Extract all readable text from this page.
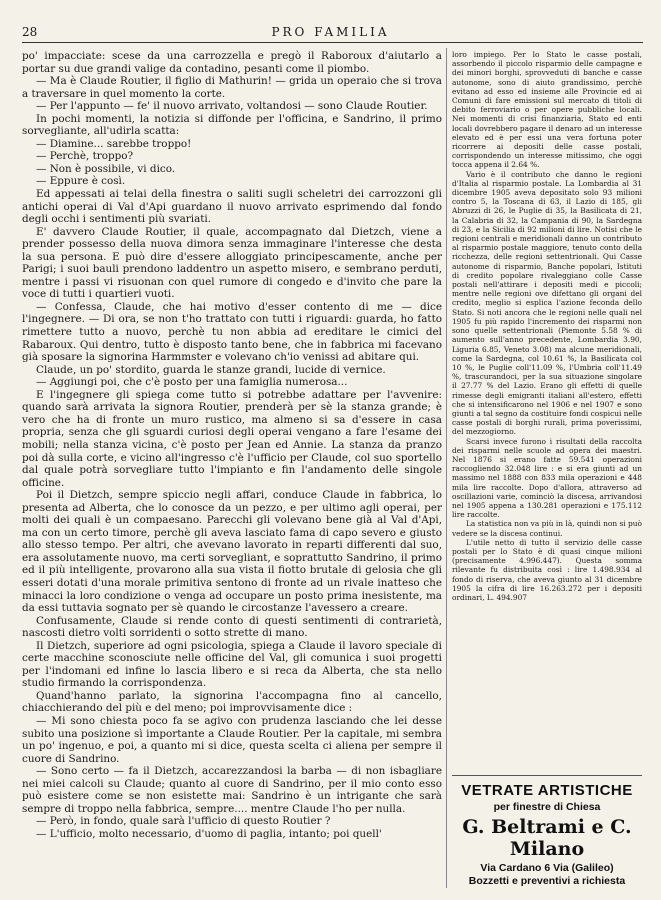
28	PRO FAMILIA

po' impacciate: scese da una carrozzella e pregò il Raboroux d'aiutarlo a portar su due grandi valige da contadino, pesanti come il piombo.

— Ma è Claude Routier, il figlio di Mathurin! — grida un operaio che si trova a traversare in quel momento la corte.

— Per l'appunto — fe' il nuovo arrivato, voltandosi — sono Claude Routier.

In pochi momenti, la notizia si diffonde per l'officina, e Sandrino, il primo sorvegliante, all'udirla scatta:

— Diamine... sarebbe troppo!

— Perchè, troppo?

— Non è possibile, vi dico.

— Eppure è così.

Ed appessati ai telai della finestra o saliti sugli scheletri dei carrozzoni gli antichi operai di Val d'Api guardano il nuovo arrivato esprimendo dal fondo degli occhi i sentimenti più svariati.

E' davvero Claude Routier, il quale, accompagnato dal Dietzch, viene a prender possesso della nuova dimora senza immaginare l'interesse che desta la sua persona. E può dire d'essere alloggiato principescamente, anche per Parigi; i suoi bauli prendono laddentro un aspetto misero, e sembrano perduti, mentre i passi vi risuonan con quel rumore di congedo e d'invito che pare la voce di tutti i quartieri vuoti.

— Confessa, Claude, che hai motivo d'esser contento di me — dice l'ingegnere. — Di ora, se non t'ho trattato con tutti i riguardi: guarda, ho fatto rimettere tutto a nuovo, perchè tu non abbia ad ereditare le cimici del Rabaroux. Qui dentro, tutto è disposto tanto bene, che in fabbrica mi facevano già sposare la signorina Harmmster e volevano ch'io venissi ad abitare qui.

Claude, un po' stordito, guarda le stanze grandi, lucide di vernice.

— Aggiungi poi, che c'è posto per una famiglia numerosa...

E l'ingegnere gli spiega come tutto si potrebbe adattare per l'avvenire: quando sarà arrivata la signora Routier, prenderà per sè la stanza grande; è vero che ha di fronte un muro rustico, ma almeno si sa d'essere in casa propria, senza che gli sguardi curiosi degli operai vengano a fare l'esame dei mobili; nella stanza vicina, c'è posto per Jean ed Annie. La stanza da pranzo poi dà sulla corte, e vicino all'ingresso c'è l'ufficio per Claude, col suo sportello dal quale potrà sorvegliare tutto l'impianto e fin l'andamento delle singole officine.

Poi il Dietzch, sempre spiccio negli affari, conduce Claude in fabbrica, lo presenta ad Alberta, che lo conosce da un pezzo, e per ultimo agli operai, per molti dei quali è un compaesano. Parecchi gli volevano bene già al Val d'Api, ma con un certo timore, perchè gli aveva lasciato fama di capo severo e giusto allo stesso tempo. Per altri, che avevano lavorato in reparti differenti dal suo, era assolutamente nuovo, ma certi sorvegliant, e soprattutto Sandrino, il primo ed il più intelligente, provarono alla sua vista il fiotto brutale di gelosia che gli esseri dotati d'una morale primitiva sentono di fronte ad un rivale inatteso che minacci la loro condizione o venga ad occupare un posto prima inesistente, ma da essi tuttavia sognato per sè quando le circostanze l'avessero a creare.

Confusamente, Claude si rende conto di questi sentimenti di contrarietà, nascosti dietro volti sorridenti o sotto strette di mano.

Il Dietzch, superiore ad ogni psicologia, spiega a Claude il lavoro speciale di certe macchine sconosciute nelle officine del Val, gli comunica i suoi progetti per l'indomani ed infine lo lascia libero e si reca da Alberta, che sta nello studio firmando la corrispondenza.

Quand'hanno parlato, la signorina l'accompagna fino al cancello, chiacchierando del più e del meno; poi improvvisamente dice :

— Mi sono chiesta poco fa se agivo con prudenza lasciando che lei desse subito una posizione sì importante a Claude Routier. Per la capitale, mi sembra un po' ingenuo, e poi, a quanto mi si dice, questa scelta ci aliena per sempre il cuore di Sandrino.

— Sono certo — fa il Dietzch, accarezzandosi la barba — di non isbagliare nei miei calcoli su Claude; quanto al cuore di Sandrino, per il mio conto esso può esistere come se non esistette mai: Sandrino è un intrigante che sarà sempre di troppo nella fabbrica, sempre.... mentre Claude l'ho per nulla.

— Però, in fondo, quale sarà l'ufficio di questo Routier ?

— L'ufficio, molto necessario, d'uomo di paglia, intanto; poi quell'

loro impiego. Per lo Stato le casse postali, assorbendo il piccolo risparmio delle campagne e dei minori borghi, sprovveduti di banche e casse autonome, sono di aiuto grandissimo, perchè evitano ad esso ed insieme alle Provincie ed ai Comuni di fare emissioni sul mercato di titoli di debito ferroviario o per opere pubbliche locali. Nei momenti di crisi finanziaria, Stato ed enti locali dovrebbero pagare il denaro ad un interesse elevato ed è per essi una vera fortuna poter ricorrere ai depositi delle casse postali, corrispondendo un interesse mitissimo, che oggi tocca appena il 2.64 %.

Vario è il contributo che danno le regioni d'Italia al risparmio postale. La Lombardia al 31 dicembre 1905 aveva depositato solo 93 milioni contro 5, la Toscana di 63, il Lazio di 185, gli Abruzzi di 26, le Puglie di 35, la Basilicata di 21, la Calabria di 32, la Campania di 90, la Sardegna di 23, e la Sicilia di 92 milioni di lire. Notisi che le regioni centrali e meridionali danno un contributo al risparmio postale maggiore, tenuto conto della ricchezza, delle regioni settentrionali. Qui Casse autonome di risparmio, Banche popolari, Istituti di credito popolare rivaleggiano colle Casse postali nell'attirare i depositi medi e piccoli; mentre nelle regioni ove difettano gli organi del credito, meglio si esplica l'azione feconda dello Stato. Si noti ancora che le regioni nelle quali nel 1905 fu più rapido l'incremento dei risparmi non sono quelle settentrionali (Piemonte 5.58 % di aumento sull'anno precedente, Lombardia 3.90, Liguria 6.85, Veneto 3.08) ma alcune meridionali, come la Sardegna, col 10.61 %, la Basilicata col 10 %, le Puglie coll'11.09 %, l'Umbria coll'11.49 %, trascurandoci, per la sua situazione singolare il 27.77 % del Lazio. Erano gli effetti di quelle rimesse degli emigranti italiani all'estero, effetti che si intensificarono nel 1906 e nel 1907 e sono giunti a tal segno da costituire fondi cospicui nelle casse postali di borghi rurali, prima poverissimi, del mezzogiorno.

Scarsi invece furono i risultati della raccolta dei risparmi nelle scuole ad opera dei maestri. Nel 1876 si erano fatte 59.541 operazioni raccogliendo 32.048 lire : e si era giunti ad un massimo nel 1888 con 833 mila operazioni e 448 mila lire raccolte. Dopo d'allora, attraverso ad oscillazioni varie, cominciò la discesa, arrivandosi nel 1905 appena a 130.281 operazioni e 175.112 lire raccolte.

La statistica non va più in là, quindi non si può vedere se la discesa continui.

L'utile netto di tutto il servizio delle casse postali per lo Stato è di quasi cinque milioni (precisamente 4.996.447). Questa somma rilevante fu distribuita così : lire 1.498.934 al fondo di riserva, che aveva giunto al 31 dicembre 1905 la cifra di lire 16.263.272 per i depositi ordinari, L. 494.907

VETRATE ARTISTICHE
per finestre di Chiesa
G. Beltrami e C. Milano
Via Cardano 6 Via (Galileo)
Bozzetti e preventivi a richiesta
